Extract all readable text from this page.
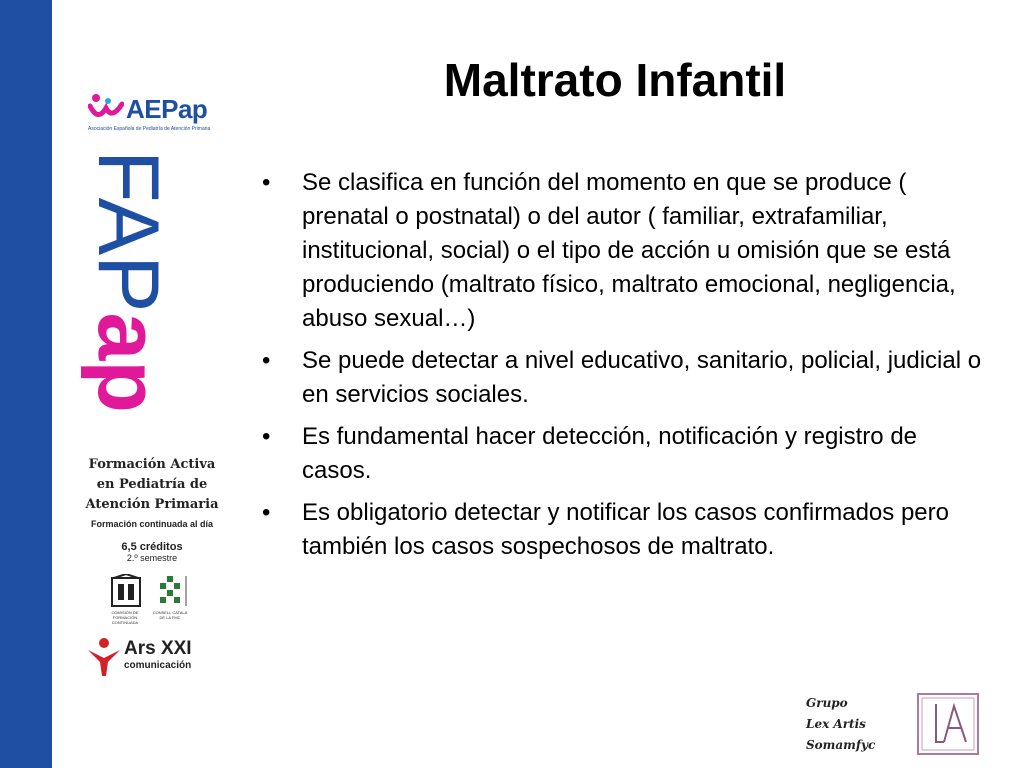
Maltrato Infantil
AEPap
Asociación Española de Pediatría de Atención Primaria
FAPap
Formación Activa
en Pediatría de
Atención Primaria
Formación continuada al día
6,5 créditos
2.º semestre
COMISIÓN DE FORMACIÓN CONTINUADA
CONSELL CATALÀ DE LA FMC
Ars XXI
comunicación
• Se clasifica en función del momento en que se produce ( prenatal o postnatal) o del autor ( familiar, extrafamiliar, institucional, social) o el tipo de acción u omisión que se está produciendo (maltrato físico, maltrato emocional, negligencia, abuso sexual…)
• Se puede detectar a nivel educativo, sanitario, policial, judicial o en servicios sociales.
• Es fundamental hacer detección, notificación y registro de casos.
• Es obligatorio detectar y notificar los casos confirmados pero también los casos sospechosos de maltrato.
Grupo
Lex Artis
Somamfyc
